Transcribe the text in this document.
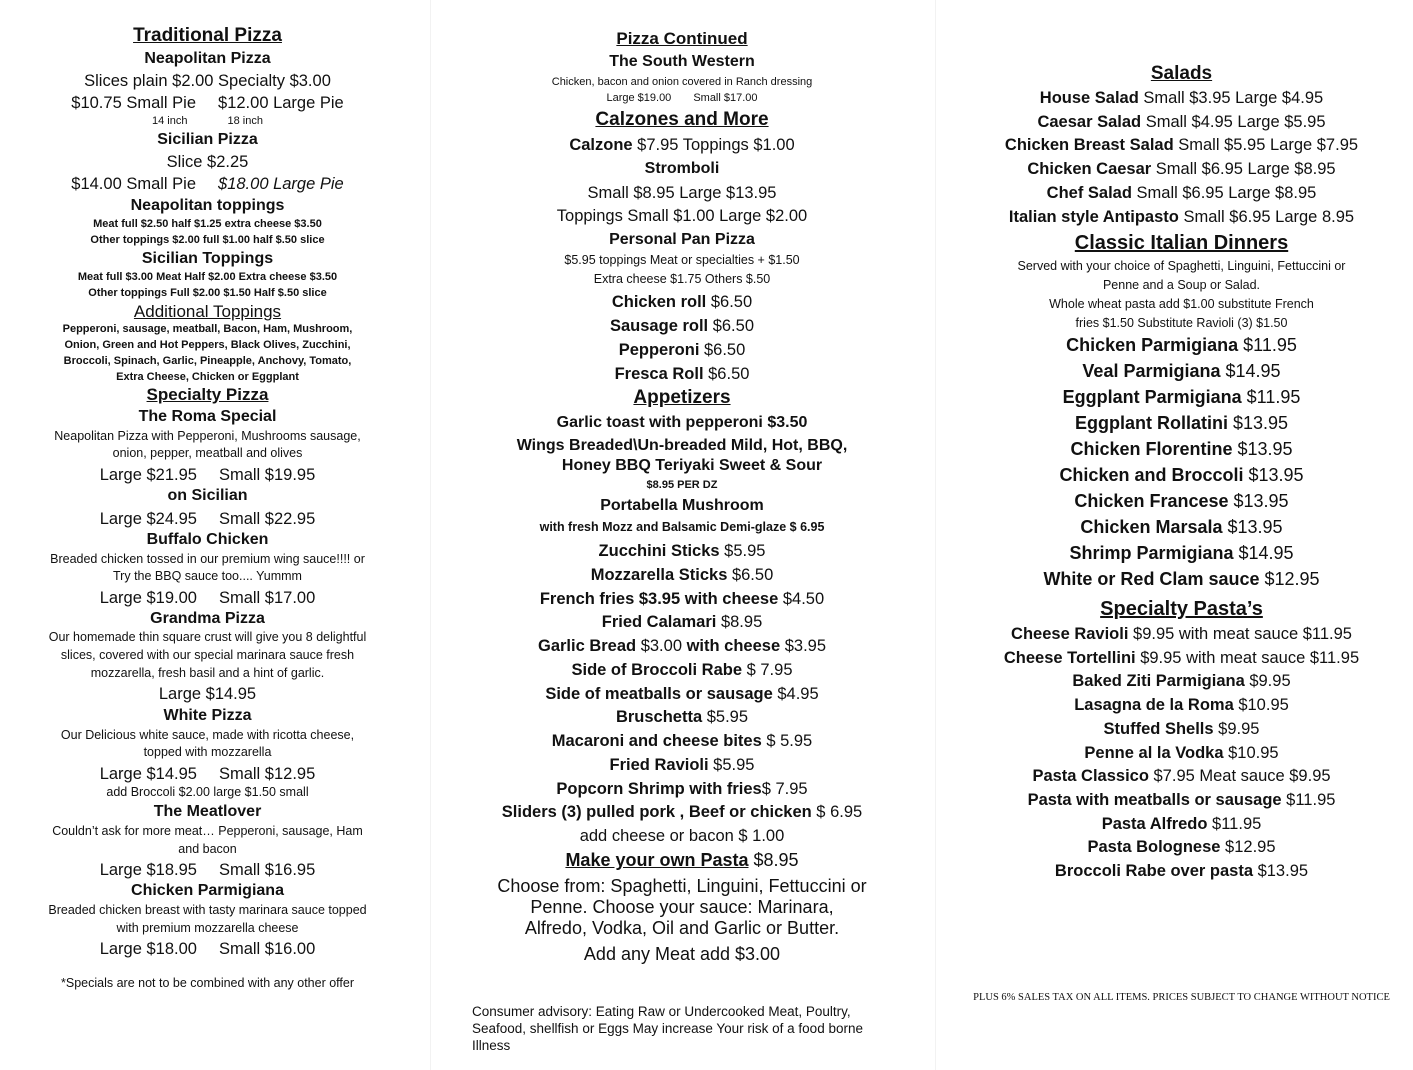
Traditional Pizza
Neapolitan Pizza
Slices plain $2.00 Specialty $3.00
$10.75 Small Pie $12.00 Large Pie
14 inch	18 inch
Sicilian Pizza
Slice $2.25
$14.00 Small Pie $18.00 Large Pie
Neapolitan toppings
Meat full $2.50 half $1.25 extra cheese $3.50
Other toppings $2.00 full $1.00 half $.50 slice
Sicilian Toppings
Meat full $3.00 Meat Half $2.00 Extra cheese $3.50
Other toppings Full $2.00 $1.50 Half $.50 slice
Additional Toppings
Pepperoni, sausage, meatball, Bacon, Ham, Mushroom,
Onion, Green and Hot Peppers, Black Olives, Zucchini,
Broccoli, Spinach, Garlic, Pineapple, Anchovy, Tomato,
Extra Cheese, Chicken or Eggplant
Specialty Pizza
The Roma Special
Neapolitan Pizza with Pepperoni, Mushrooms sausage,
onion, pepper, meatball and olives
Large $21.95 Small $19.95
on Sicilian
Large $24.95 Small $22.95
Buffalo Chicken
Breaded chicken tossed in our premium wing sauce!!!! or
Try the BBQ sauce too.... Yummm
Large $19.00 Small $17.00
Grandma Pizza
Our homemade thin square crust will give you 8 delightful
slices, covered with our special marinara sauce fresh
mozzarella, fresh basil and a hint of garlic.
Large $14.95
White Pizza
Our Delicious white sauce, made with ricotta cheese,
topped with mozzarella
Large $14.95 Small $12.95
add Broccoli $2.00 large $1.50 small
The Meatlover
Couldn’t ask for more meat… Pepperoni, sausage, Ham
and bacon
Large $18.95 Small $16.95
Chicken Parmigiana
Breaded chicken breast with tasty marinara sauce topped
with premium mozzarella cheese
Large $18.00 Small $16.00
*Specials are not to be combined with any other offer
Pizza Continued
The South Western
Chicken, bacon and onion covered in Ranch dressing
Large $19.00 Small $17.00
Calzones and More
Calzone $7.95 Toppings $1.00
Stromboli
Small $8.95 Large $13.95
Toppings Small $1.00 Large $2.00
Personal Pan Pizza
$5.95 toppings Meat or specialties + $1.50
Extra cheese $1.75 Others $.50
Chicken roll $6.50
Sausage roll $6.50
Pepperoni $6.50
Fresca Roll $6.50
Appetizers
Garlic toast with pepperoni $3.50
Wings Breaded\Un-breaded Mild, Hot, BBQ,
Honey BBQ Teriyaki Sweet & Sour
$8.95 PER DZ
Portabella Mushroom
with fresh Mozz and Balsamic Demi-glaze $ 6.95
Zucchini Sticks $5.95
Mozzarella Sticks $6.50
French fries $3.95 with cheese $4.50
Fried Calamari $8.95
Garlic Bread $3.00 with cheese $3.95
Side of Broccoli Rabe $ 7.95
Side of meatballs or sausage $4.95
Bruschetta $5.95
Macaroni and cheese bites $ 5.95
Fried Ravioli $5.95
Popcorn Shrimp with fries$ 7.95
Sliders (3) pulled pork , Beef or chicken $ 6.95
add cheese or bacon $ 1.00
Make your own Pasta $8.95
Choose from: Spaghetti, Linguini, Fettuccini or
Penne. Choose your sauce: Marinara,
Alfredo, Vodka, Oil and Garlic or Butter.
Add any Meat add $3.00
Consumer advisory: Eating Raw or Undercooked Meat, Poultry,
Seafood, shellfish or Eggs May increase Your risk of a food borne
Illness
Salads
House Salad Small $3.95 Large $4.95
Caesar Salad Small $4.95 Large $5.95
Chicken Breast Salad Small $5.95 Large $7.95
Chicken Caesar Small $6.95 Large $8.95
Chef Salad Small $6.95 Large $8.95
Italian style Antipasto Small $6.95 Large 8.95
Classic Italian Dinners
Served with your choice of Spaghetti, Linguini, Fettuccini or
Penne and a Soup or Salad.
Whole wheat pasta add $1.00 substitute French
fries $1.50 Substitute Ravioli (3) $1.50
Chicken Parmigiana $11.95
Veal Parmigiana $14.95
Eggplant Parmigiana $11.95
Eggplant Rollatini $13.95
Chicken Florentine $13.95
Chicken and Broccoli $13.95
Chicken Francese $13.95
Chicken Marsala $13.95
Shrimp Parmigiana $14.95
White or Red Clam sauce $12.95
Specialty Pasta’s
Cheese Ravioli $9.95 with meat sauce $11.95
Cheese Tortellini $9.95 with meat sauce $11.95
Baked Ziti Parmigiana $9.95
Lasagna de la Roma $10.95
Stuffed Shells $9.95
Penne al la Vodka $10.95
Pasta Classico $7.95 Meat sauce $9.95
Pasta with meatballs or sausage $11.95
Pasta Alfredo $11.95
Pasta Bolognese $12.95
Broccoli Rabe over pasta $13.95
PLUS 6% SALES TAX ON ALL ITEMS. PRICES SUBJECT TO CHANGE WITHOUT NOTICE
